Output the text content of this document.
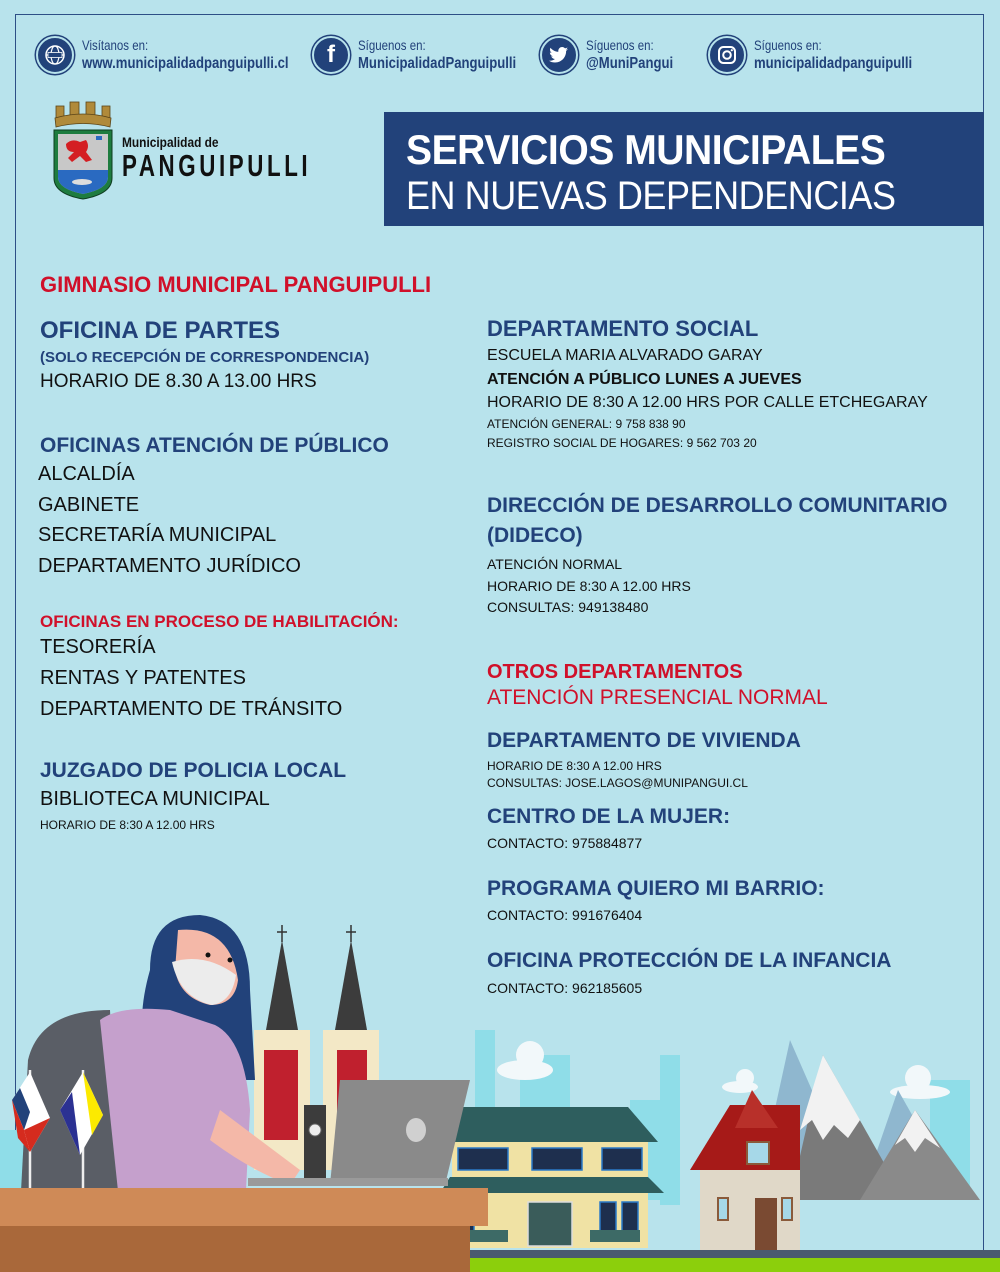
Visítanos en:
www.municipalidadpanguipulli.cl	f	Síguenos en:
MunicipalidadPanguipulli
Síguenos en:
@MuniPangui
Síguenos en:
municipalidadpanguipulli
Municipalidad de
PANGUIPULLI SERVICIOS MUNICIPALES
EN NUEVAS DEPENDENCIAS
GIMNASIO MUNICIPAL PANGUIPULLI
OFICINA DE PARTES
(SOLO RECEPCIÓN DE CORRESPONDENCIA)
HORARIO DE 8.30 A 13.00 HRS
OFICINAS ATENCIÓN DE PÚBLICO
ALCALDÍA
GABINETE
SECRETARÍA MUNICIPAL
DEPARTAMENTO JURÍDICO
OFICINAS EN PROCESO DE HABILITACIÓN:
TESORERÍA
RENTAS Y PATENTES
DEPARTAMENTO DE TRÁNSITO
JUZGADO DE POLICIA LOCAL
BIBLIOTECA MUNICIPAL
HORARIO DE 8:30 A 12.00 HRS
DEPARTAMENTO SOCIAL
ESCUELA MARIA ALVARADO GARAY
ATENCIÓN A PÚBLICO LUNES A JUEVES
HORARIO DE 8:30 A 12.00 HRS POR CALLE ETCHEGARAY
ATENCIÓN GENERAL: 9 758 838 90
REGISTRO SOCIAL DE HOGARES: 9 562 703 20
DIRECCIÓN DE DESARROLLO COMUNITARIO
(DIDECO)
ATENCIÓN NORMAL
HORARIO DE 8:30 A 12.00 HRS
CONSULTAS: 949138480
OTROS DEPARTAMENTOS
ATENCIÓN PRESENCIAL NORMAL
DEPARTAMENTO DE VIVIENDA
HORARIO DE 8:30 A 12.00 HRS
CONSULTAS: JOSE.LAGOS@MUNIPANGUI.CL
CENTRO DE LA MUJER:
CONTACTO: 975884877
PROGRAMA QUIERO MI BARRIO:
CONTACTO: 991676404
OFICINA PROTECCIÓN DE LA INFANCIA
CONTACTO: 962185605
